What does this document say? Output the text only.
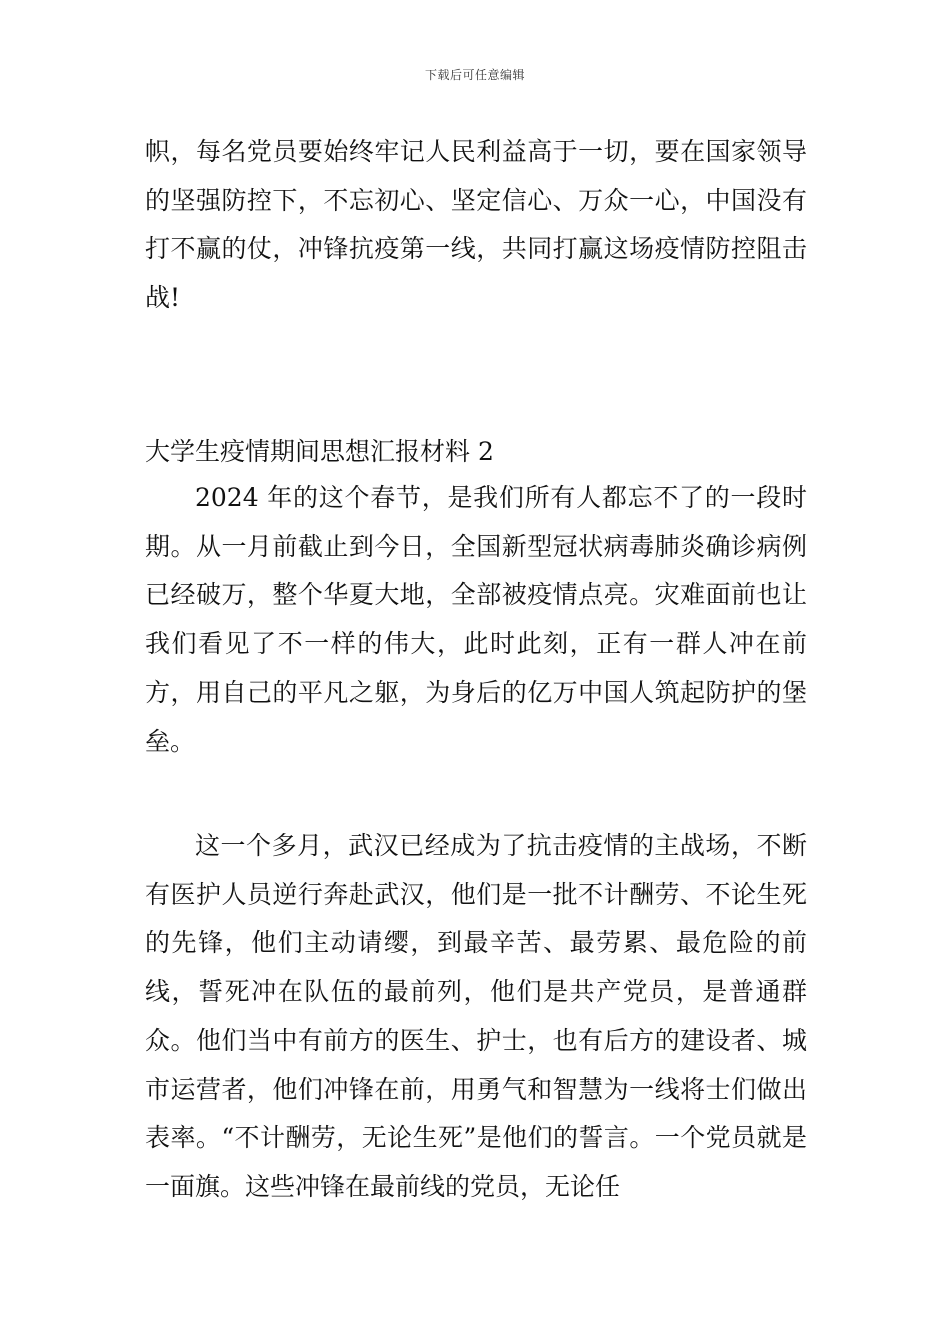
下载后可任意编辑

帜，每名党员要始终牢记人民利益高于一切，要在国家领导的坚强防控下，不忘初心、坚定信心、万众一心，中国没有打不赢的仗，冲锋抗疫第一线，共同打赢这场疫情防控阻击战!

大学生疫情期间思想汇报材料 2

2024 年的这个春节，是我们所有人都忘不了的一段时期。从一月前截止到今日，全国新型冠状病毒肺炎确诊病例已经破万，整个华夏大地，全部被疫情点亮。灾难面前也让我们看见了不一样的伟大，此时此刻，正有一群人冲在前方，用自己的平凡之躯，为身后的亿万中国人筑起防护的堡垒。

这一个多月，武汉已经成为了抗击疫情的主战场，不断有医护人员逆行奔赴武汉，他们是一批不计酬劳、不论生死的先锋，他们主动请缨，到最辛苦、最劳累、最危险的前线，誓死冲在队伍的最前列，他们是共产党员，是普通群众。他们当中有前方的医生、护士，也有后方的建设者、城市运营者，他们冲锋在前，用勇气和智慧为一线将士们做出表率。“不计酬劳，无论生死”是他们的誓言。一个党员就是一面旗。这些冲锋在最前线的党员，无论任
